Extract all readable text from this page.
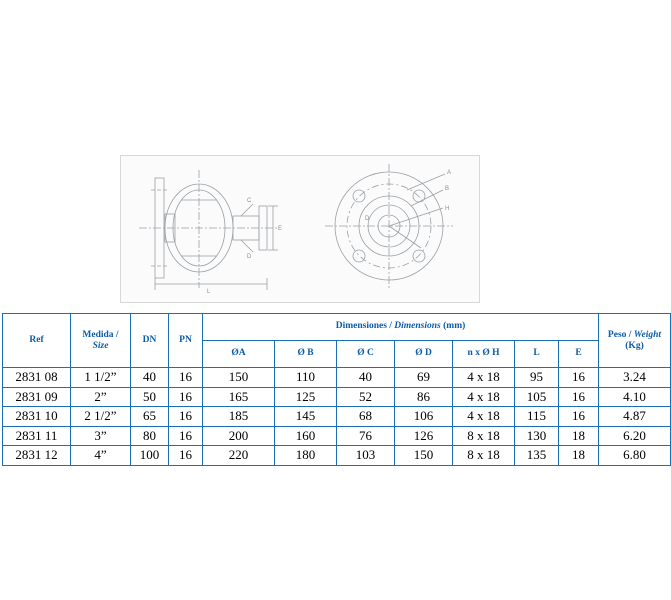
L
E
C
D
A
B
H
D
Ref	Medida /
Size	DN	PN	Dimensiones / Dimensions (mm)							Peso / Weight
(Kg)
				ØA	Ø B	Ø C	Ø D	n x Ø H	L	E	
2831 08	1 1/2”	40	16	150	110	40	69	4 x 18	95	16	3.24
2831 09	2”	50	16	165	125	52	86	4 x 18	105	16	4.10
2831 10	2 1/2”	65	16	185	145	68	106	4 x 18	115	16	4.87
2831 11	3”	80	16	200	160	76	126	8 x 18	130	18	6.20
2831 12	4”	100	16	220	180	103	150	8 x 18	135	18	6.80
